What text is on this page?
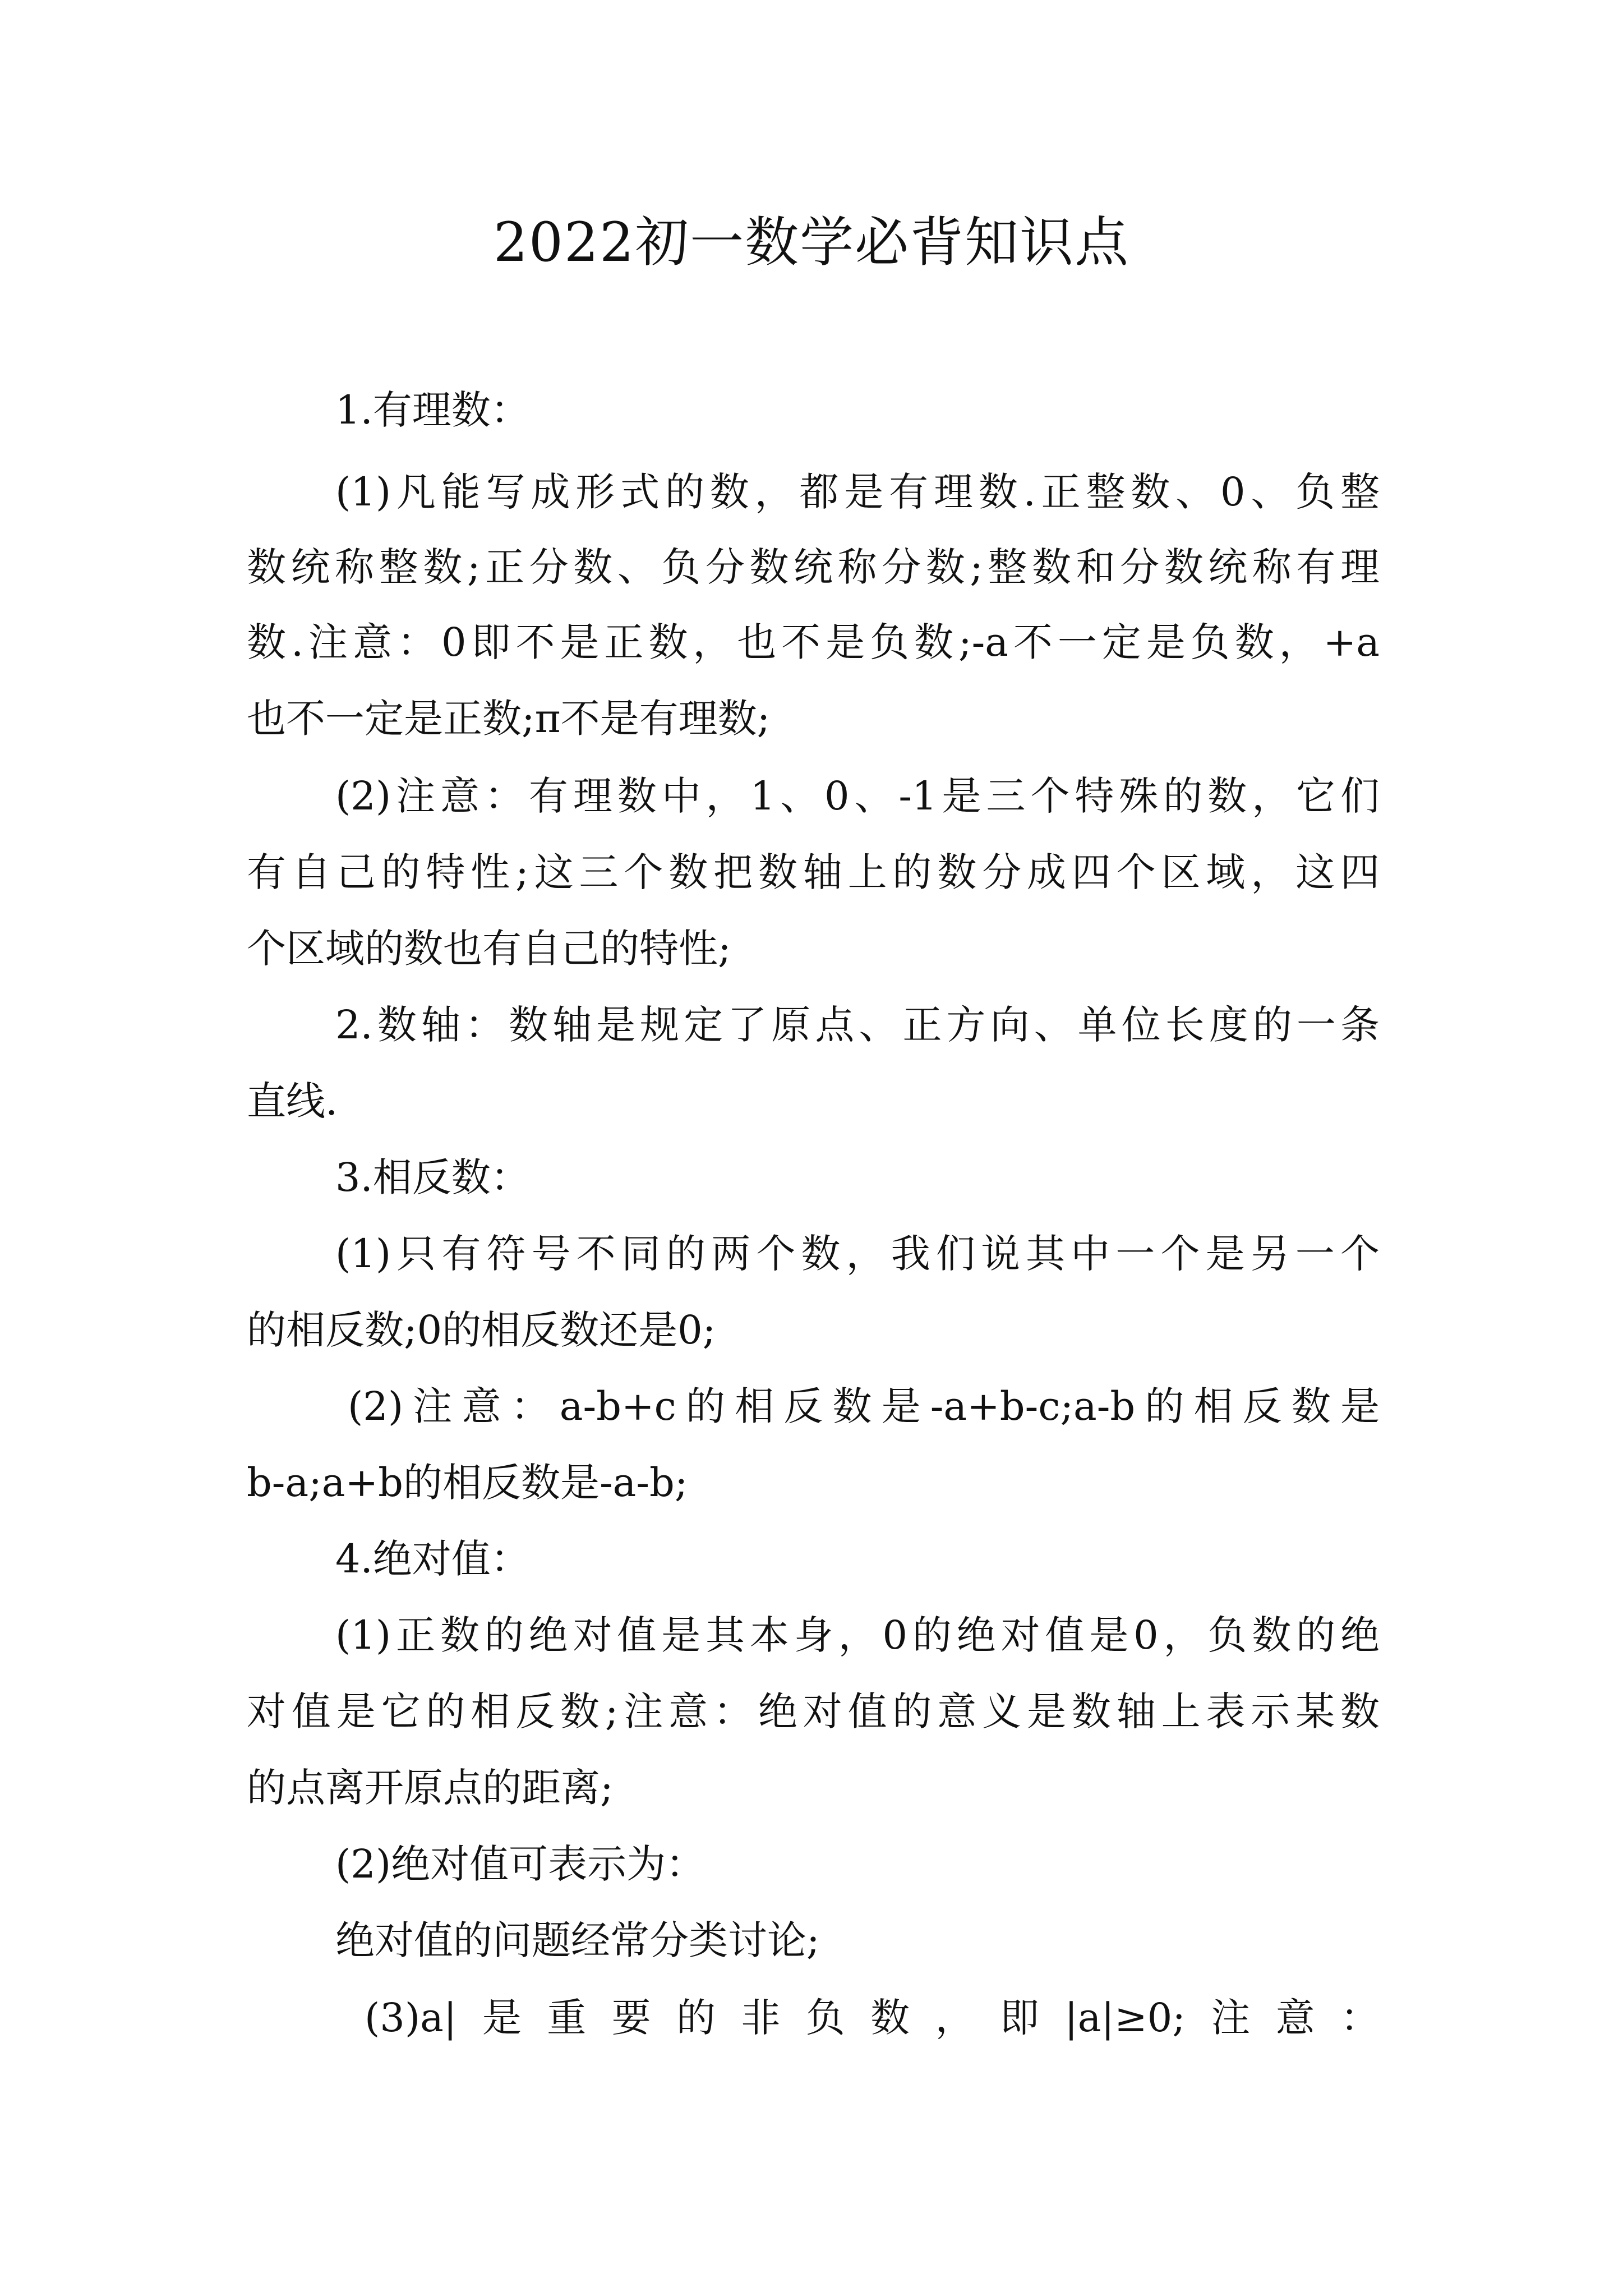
2022初一数学必背知识点
1.有理数：
(1)凡能写成形式的数，都是有理数.正整数、0、负整
数统称整数;正分数、负分数统称分数;整数和分数统称有理
数.注意：0即不是正数，也不是负数;-a不一定是负数，+a
也不一定是正数;π不是有理数;
(2)注意：有理数中，1、0、-1是三个特殊的数，它们
有自己的特性;这三个数把数轴上的数分成四个区域，这四
个区域的数也有自己的特性;
2.数轴：数轴是规定了原点、正方向、单位长度的一条
直线.
3.相反数：
(1)只有符号不同的两个数，我们说其中一个是另一个
的相反数;0的相反数还是0;
(2)注意：a-b+c的相反数是-a+b-c;a-b的相反数是
b-a;a+b的相反数是-a-b;
4.绝对值：
(1)正数的绝对值是其本身，0的绝对值是0，负数的绝
对值是它的相反数;注意：绝对值的意义是数轴上表示某数
的点离开原点的距离;
(2)绝对值可表示为：
绝对值的问题经常分类讨论;
(3)a|是重要的非负数，即|a|≥0;注意：
